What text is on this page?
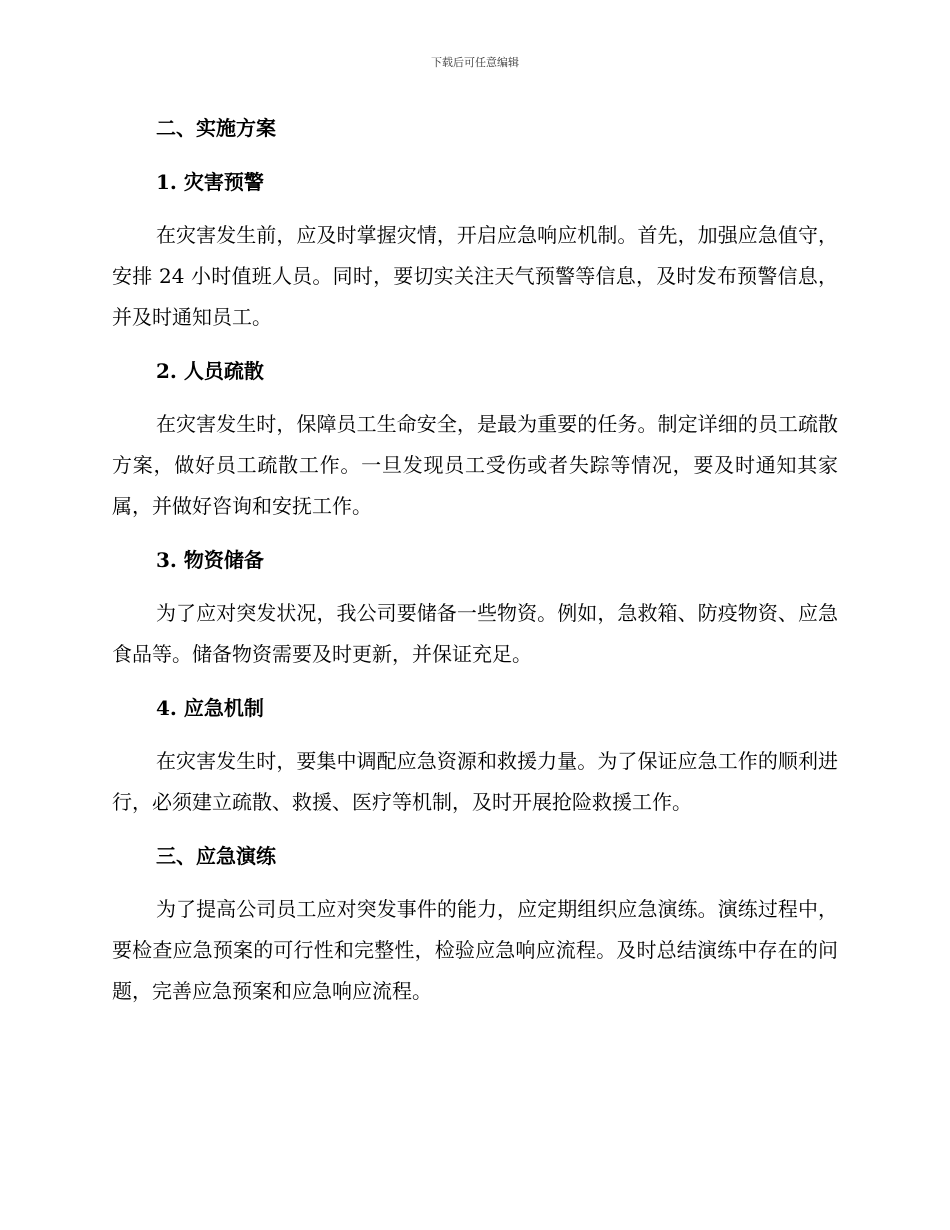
下载后可任意编辑
二、实施方案
1. 灾害预警

在灾害发生前，应及时掌握灾情，开启应急响应机制。首先，加强应急值守，安排 24 小时值班人员。同时，要切实关注天气预警等信息，及时发布预警信息，并及时通知员工。

2. 人员疏散

在灾害发生时，保障员工生命安全，是最为重要的任务。制定详细的员工疏散方案，做好员工疏散工作。一旦发现员工受伤或者失踪等情况，要及时通知其家属，并做好咨询和安抚工作。

3. 物资储备

为了应对突发状况，我公司要储备一些物资。例如，急救箱、防疫物资、应急食品等。储备物资需要及时更新，并保证充足。

4. 应急机制

在灾害发生时，要集中调配应急资源和救援力量。为了保证应急工作的顺利进行，必须建立疏散、救援、医疗等机制，及时开展抢险救援工作。

三、应急演练

为了提高公司员工应对突发事件的能力，应定期组织应急演练。演练过程中，要检查应急预案的可行性和完整性，检验应急响应流程。及时总结演练中存在的问题，完善应急预案和应急响应流程。
